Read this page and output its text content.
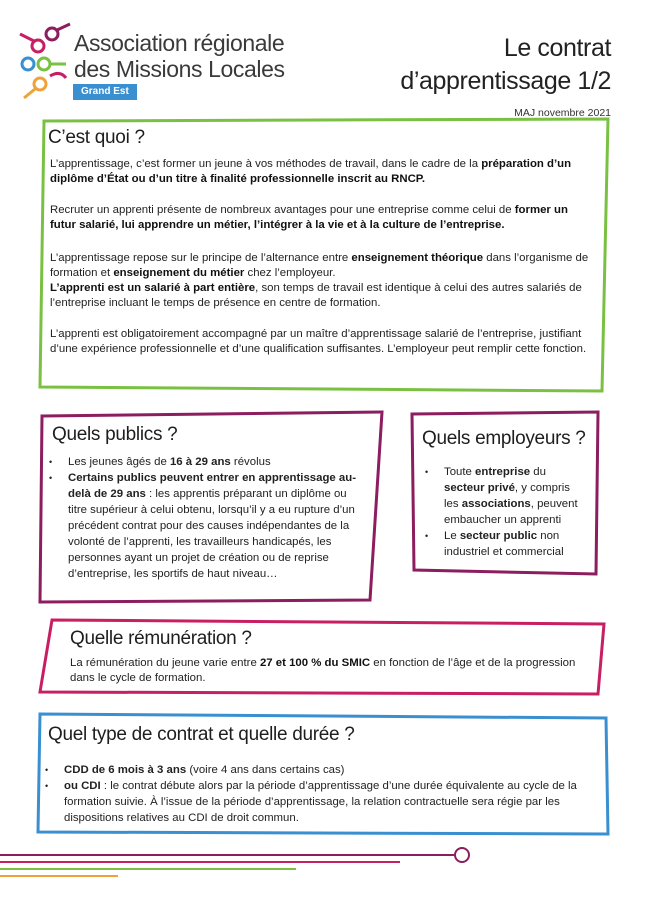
Association régionale
des Missions Locales
Grand Est
Le contrat
d’apprentissage 1/2
MAJ novembre 2021
C’est quoi ?
L’apprentissage, c’est former un jeune à vos méthodes de travail, dans le cadre de la préparation d’un diplôme d’État ou d’un titre à finalité professionnelle inscrit au RNCP.
Recruter un apprenti présente de nombreux avantages pour une entreprise comme celui de former un futur salarié, lui apprendre un métier, l’intégrer à la vie et à la culture de l’entreprise.
L’apprentissage repose sur le principe de l’alternance entre enseignement théorique dans l’organisme de formation et enseignement du métier chez l’employeur.
L’apprenti est un salarié à part entière, son temps de travail est identique à celui des autres salariés de l’entreprise incluant le temps de présence en centre de formation.
L’apprenti est obligatoirement accompagné par un maître d’apprentissage salarié de l’entreprise, justifiant d’une expérience professionnelle et d’une qualification suffisantes. L’employeur peut remplir cette fonction.
Quels publics ?
• Les jeunes âgés de 16 à 29 ans révolus
• Certains publics peuvent entrer en apprentissage au-delà de 29 ans : les apprentis préparant un diplôme ou titre supérieur à celui obtenu, lorsqu’il y a eu rupture d’un précédent contrat pour des causes indépendantes de la volonté de l’apprenti, les travailleurs handicapés, les personnes ayant un projet de création ou de reprise d’entreprise, les sportifs de haut niveau…
Quels employeurs ?
• Toute entreprise du secteur privé, y compris les associations, peuvent embaucher un apprenti
• Le secteur public non industriel et commercial
Quelle rémunération ?
La rémunération du jeune varie entre 27 et 100 % du SMIC en fonction de l’âge et de la progression dans le cycle de formation.
Quel type de contrat et quelle durée ?
• CDD de 6 mois à 3 ans (voire 4 ans dans certains cas)
• ou CDI : le contrat débute alors par la période d’apprentissage d’une durée équivalente au cycle de la formation suivie. À l’issue de la période d’apprentissage, la relation contractuelle sera régie par les dispositions relatives au CDI de droit commun.
